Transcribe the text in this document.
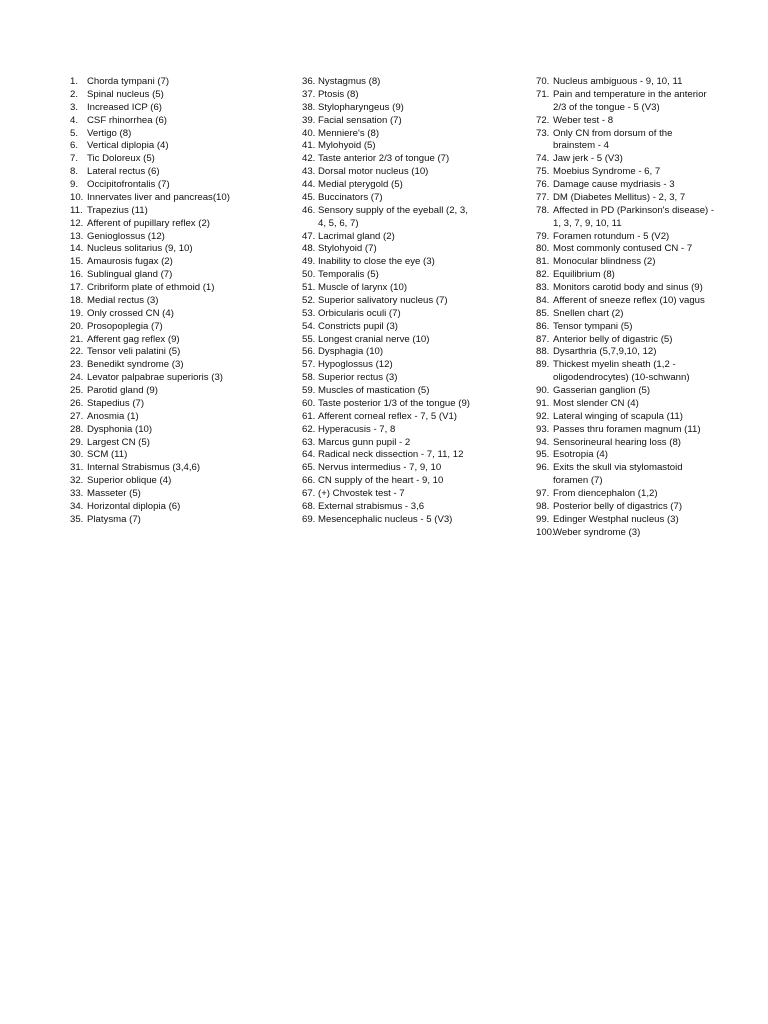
1. Chorda tympani (7)
2. Spinal nucleus (5)
3. Increased ICP (6)
4. CSF rhinorrhea (6)
5. Vertigo (8)
6. Vertical diplopia (4)
7. Tic Doloreux (5)
8. Lateral rectus (6)
9. Occipitofrontalis (7)
10. Innervates liver and pancreas(10)
11. Trapezius (11)
12. Afferent of pupillary reflex (2)
13. Genioglossus (12)
14. Nucleus solitarius (9, 10)
15. Amaurosis fugax (2)
16. Sublingual gland (7)
17. Cribriform plate of ethmoid (1)
18. Medial rectus (3)
19. Only crossed CN (4)
20. Prosopoplegia (7)
21. Afferent gag reflex (9)
22. Tensor veli palatini (5)
23. Benedikt syndrome (3)
24. Levator palpabrae superioris (3)
25. Parotid gland (9)
26. Stapedius (7)
27. Anosmia (1)
28. Dysphonia (10)
29. Largest CN (5)
30. SCM (11)
31. Internal Strabismus (3,4,6)
32. Superior oblique (4)
33. Masseter (5)
34. Horizontal diplopia (6)
35. Platysma (7)
36. Nystagmus (8)
37. Ptosis (8)
38. Stylopharyngeus (9)
39. Facial sensation (7)
40. Menniere's (8)
41. Mylohyoid (5)
42. Taste anterior 2/3 of tongue (7)
43. Dorsal motor nucleus (10)
44. Medial pterygold (5)
45. Buccinators (7)
46. Sensory supply of the eyeball (2, 3,
4, 5, 6, 7)
47. Lacrimal gland (2)
48. Stylohyoid (7)
49. Inability to close the eye (3)
50. Temporalis (5)
51. Muscle of larynx (10)
52. Superior salivatory nucleus (7)
53. Orbicularis oculi (7)
54. Constricts pupil (3)
55. Longest cranial nerve (10)
56. Dysphagia (10)
57. Hypoglossus (12)
58. Superior rectus (3)
59. Muscles of mastication (5)
60. Taste posterior 1/3 of the tongue (9)
61. Afferent corneal reflex - 7, 5 (V1)
62. Hyperacusis - 7, 8
63. Marcus gunn pupil - 2
64. Radical neck dissection - 7, 11, 12
65. Nervus intermedius - 7, 9, 10
66. CN supply of the heart - 9, 10
67. (+) Chvostek test - 7
68. External strabismus - 3,6
69. Mesencephalic nucleus - 5 (V3)
70. Nucleus ambiguous - 9, 10, 11
71. Pain and temperature in the anterior
2/3 of the tongue - 5 (V3)
72. Weber test - 8
73. Only CN from dorsum of the
brainstem - 4
74. Jaw jerk - 5 (V3)
75. Moebius Syndrome - 6, 7
76. Damage cause mydriasis - 3
77. DM (Diabetes Mellitus) - 2, 3, 7
78. Affected in PD (Parkinson's disease) -
1, 3, 7, 9, 10, 11
79. Foramen rotundum - 5 (V2)
80. Most commonly contused CN - 7
81. Monocular blindness (2)
82. Equilibrium (8)
83. Monitors carotid body and sinus (9)
84. Afferent of sneeze reflex (10) vagus
85. Snellen chart (2)
86. Tensor tympani (5)
87. Anterior belly of digastric (5)
88. Dysarthria (5,7,9,10, 12)
89. Thickest myelin sheath (1,2 -
oligodendrocytes) (10-schwann)
90. Gasserian ganglion (5)
91. Most slender CN (4)
92. Lateral winging of scapula (11)
93. Passes thru foramen magnum (11)
94. Sensorineural hearing loss (8)
95. Esotropia (4)
96. Exits the skull via stylomastoid
foramen (7)
97. From diencephalon (1,2)
98. Posterior belly of digastrics (7)
99. Edinger Westphal nucleus (3)
100.
Weber syndrome (3)
